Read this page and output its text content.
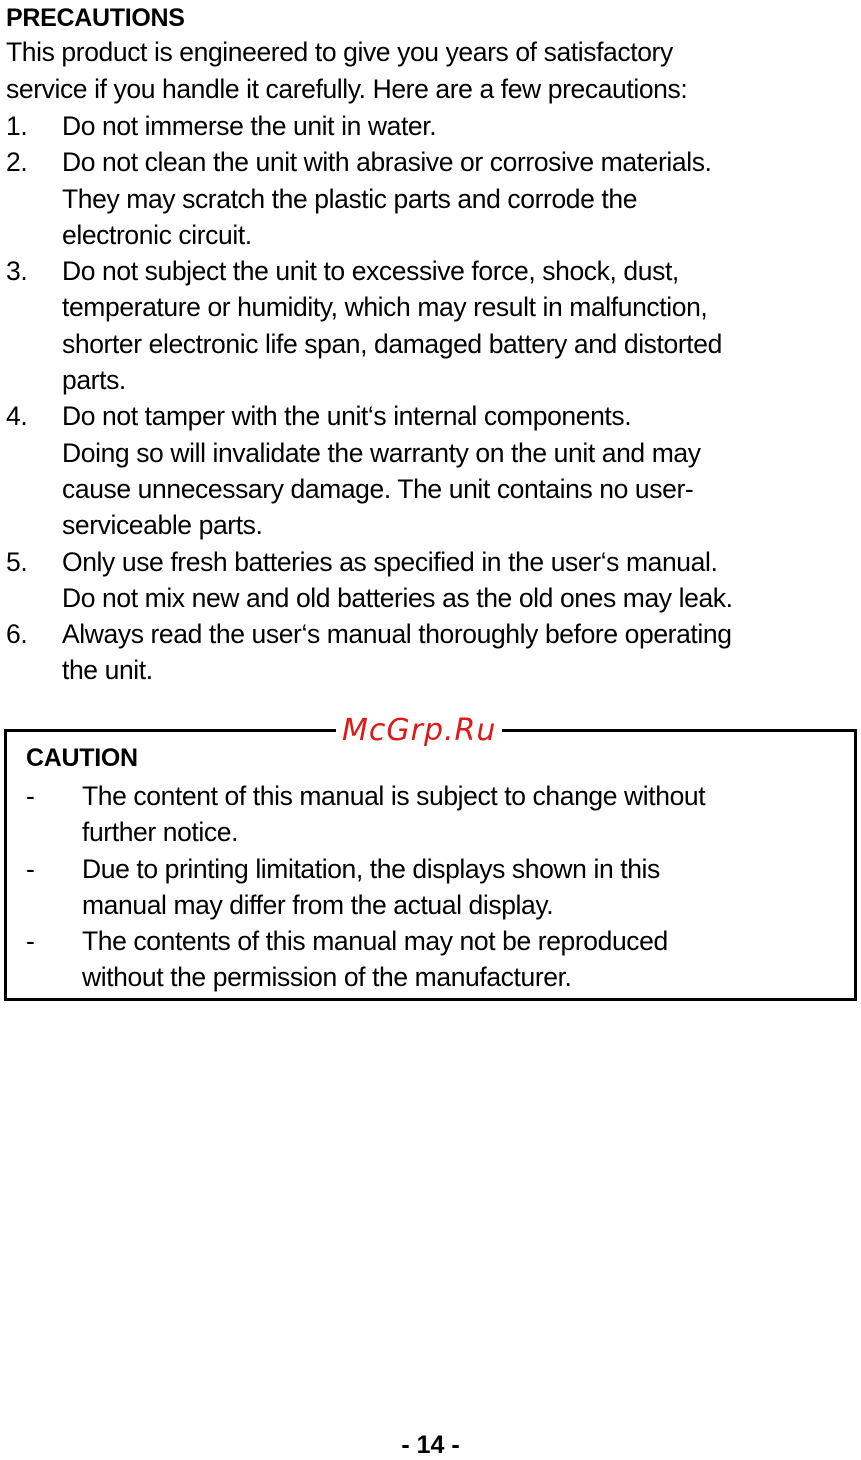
PRECAUTIONS
This product is engineered to give you years of satisfactory
service if you handle it carefully. Here are a few precautions:
1. Do not immerse the unit in water.
2. Do not clean the unit with abrasive or corrosive materials.
They may scratch the plastic parts and corrode the
electronic circuit.
3. Do not subject the unit to excessive force, shock, dust,
temperature or humidity, which may result in malfunction,
shorter electronic life span, damaged battery and distorted
parts.
4. Do not tamper with the unit‘s internal components.
Doing so will invalidate the warranty on the unit and may
cause unnecessary damage. The unit contains no user-
serviceable parts.
5. Only use fresh batteries as specified in the user‘s manual.
Do not mix new and old batteries as the old ones may leak.
6. Always read the user‘s manual thoroughly before operating
the unit.
CAUTION
- The content of this manual is subject to change without
further notice.
- Due to printing limitation, the displays shown in this
manual may differ from the actual display.
- The contents of this manual may not be reproduced
without the permission of the manufacturer.
McGrp.Ru
- 14 -
